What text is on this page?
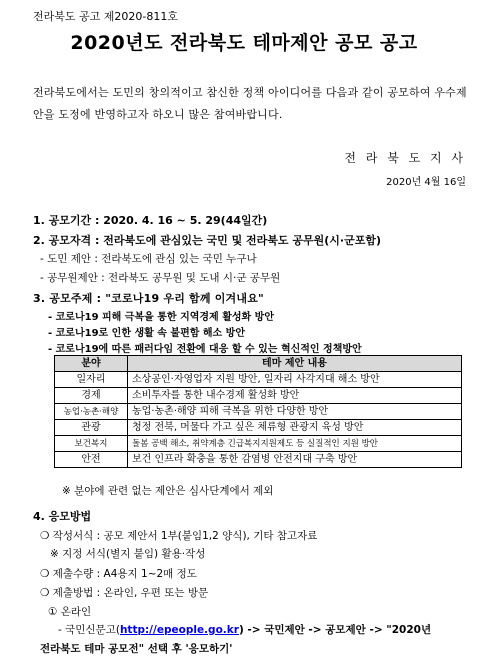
전라북도 공고 제2020-811호
2020년도 전라북도 테마제안 공모 공고
전라북도에서는 도민의 창의적이고 참신한 정책 아이디어를 다음과 같이 공모하여 우수제안을 도정에 반영하고자 하오니 많은 참여바랍니다.
전 라 북 도 지 사
2020년 4월 16일
1. 공모기간 : 2020. 4. 16 ~ 5. 29(44일간)
2. 공모자격 : 전라북도에 관심있는 국민 및 전라북도 공무원(시·군포함)
- 도민 제안 : 전라북도에 관심 있는 국민 누구나
- 공무원제안 : 전라북도 공무원 및 도내 시·군 공무원
3. 공모주제 : "코로나19 우리 함께 이겨내요"
- 코로나19 피해 극복을 통한 지역경제 활성화 방안
- 코로나19로 인한 생활 속 불편함 해소 방안
- 코로나19에 따른 패러다임 전환에 대응 할 수 있는 혁신적인 정책방안
분야	테마 제안 내용
일자리	소상공인·자영업자 지원 방안, 일자리 사각지대 해소 방안
경제	소비투자를 통한 내수경제 활성화 방안
농업·농촌·해양	농업·농촌·해양 피해 극복을 위한 다양한 방안
관광	청정 전북, 머물다 가고 싶은 체류형 관광지 육성 방안
보건복지	돌봄 공백 해소, 취약계층 긴급복지지원제도 등 실질적인 지원 방안
안전	보건 인프라 확충을 통한 감염병 안전지대 구축 방안
※ 분야에 관련 없는 제안은 심사단계에서 제외
4. 응모방법
❍ 작성서식 : 공모 제안서 1부(붙임1,2 양식), 기타 참고자료
※ 지정 서식(별지 붙임) 활용·작성
❍ 제출수량 : A4용지 1~2매 정도
❍ 제출방법 : 온라인, 우편 또는 방문
① 온라인
- 국민신문고(http://epeople.go.kr) -> 국민제안 -> 공모제안 -> "2020년
전라북도 테마 공모전" 선택 후 '응모하기'
